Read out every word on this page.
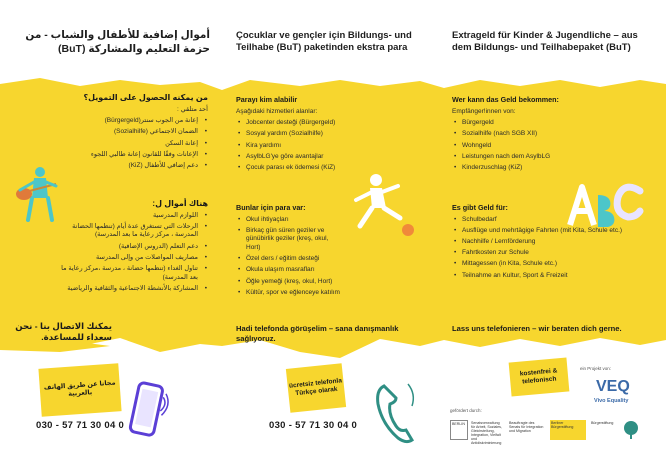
أموال إضافية للأطفال والشباب - من حزمة التعليم والمشاركة (BuT)
من يمكنه الحصول على التمويل؟
أحد متلقي :
• إعانة من الجوب سنتر(Bürgergeld)
• الضمان الاجتماعي (Sozialhilfe)
• إعانة السكن
• الإعانات وفقًا للقانون إعانة طالبي اللجوء
• دعم إضافي للأطفال (KiZ)
هناك أموال ل:
• اللوازم المدرسية
• الرحلات التي تستغرق عدة أيام (تنظمها الحضانة المدرسة ، مركز رعاية ما بعد المدرسة)
• دعم التعلم (الدروس الإضافية)
• مصاريف المواصلات من وإلى المدرسة
• تناول الغداء (تنظمها حضانة ، مدرسة ،مركز رعاية ما بعد المدرسة)
• المشاركة بالأنشطة الاجتماعية والثقافية والرياضية
يمكنك الاتصال بنا - نحن سعداء للمساعدة.
مجانا عن طريق الهاتف بالعربية
030 - 57 71 30 04 0
Çocuklar ve gençler için Bildungs- und Teilhabe (BuT) paketinden ekstra para
Parayı kim alabilir
Aşağıdaki hizmetleri alanlar:
• Jobcenter desteği (Bürgergeld)
• Sosyal yardım (Sozialhilfe)
• Kira yardımı
• AsylbLG'ye göre avantajlar
• Çocuk parası ek ödemesi (KiZ)
Bunlar için para var:
• Okul ihtiyaçları
• Birkaç gün süren geziler ve günübirlik geziler (kreş, okul, Hort)
• Özel ders / eğitim desteği
• Okula ulaşım masrafları
• Öğle yemeği (kreş, okul, Hort)
• Kültür, spor ve eğlenceye katılım
Hadi telefonda görüşelim – sana danışmanlık sağlıyoruz.
ücretsiz telefonla Türkçe olarak
030 - 57 71 30 04 0
Extrageld für Kinder & Jugendliche – aus dem Bildungs- und Teilhabepaket (BuT)
Wer kann das Geld bekommen:
Empfänger!innen von:
• Bürgergeld
• Sozialhilfe (nach SGB XII)
• Wohngeld
• Leistungen nach dem AsylbLG
• Kinderzuschlag (KiZ)
Es gibt Geld für:
• Schulbedarf
• Ausflüge und mehrtägige Fahrten (mit Kita, Schule etc.)
• Nachhilfe / Lernförderung
• Fahrtkosten zur Schule
• Mittagessen (in Kita, Schule etc.)
• Teilnahme an Kultur, Sport & Freizeit
Lass uns telefonieren – wir beraten dich gerne.
kostenfrei & telefonisch
ein Projekt von:
VEQ
Vivo Equality
gefördert durch:
BERLIN	Senatsverwaltung für Arbeit, Soziales, Gleichstellung, Integration, Vielfalt und Antidiskriminierung
Beauftragte des Senats für Integration und Migration
Berliner Bürgerstiftung
Bürgerstiftung
